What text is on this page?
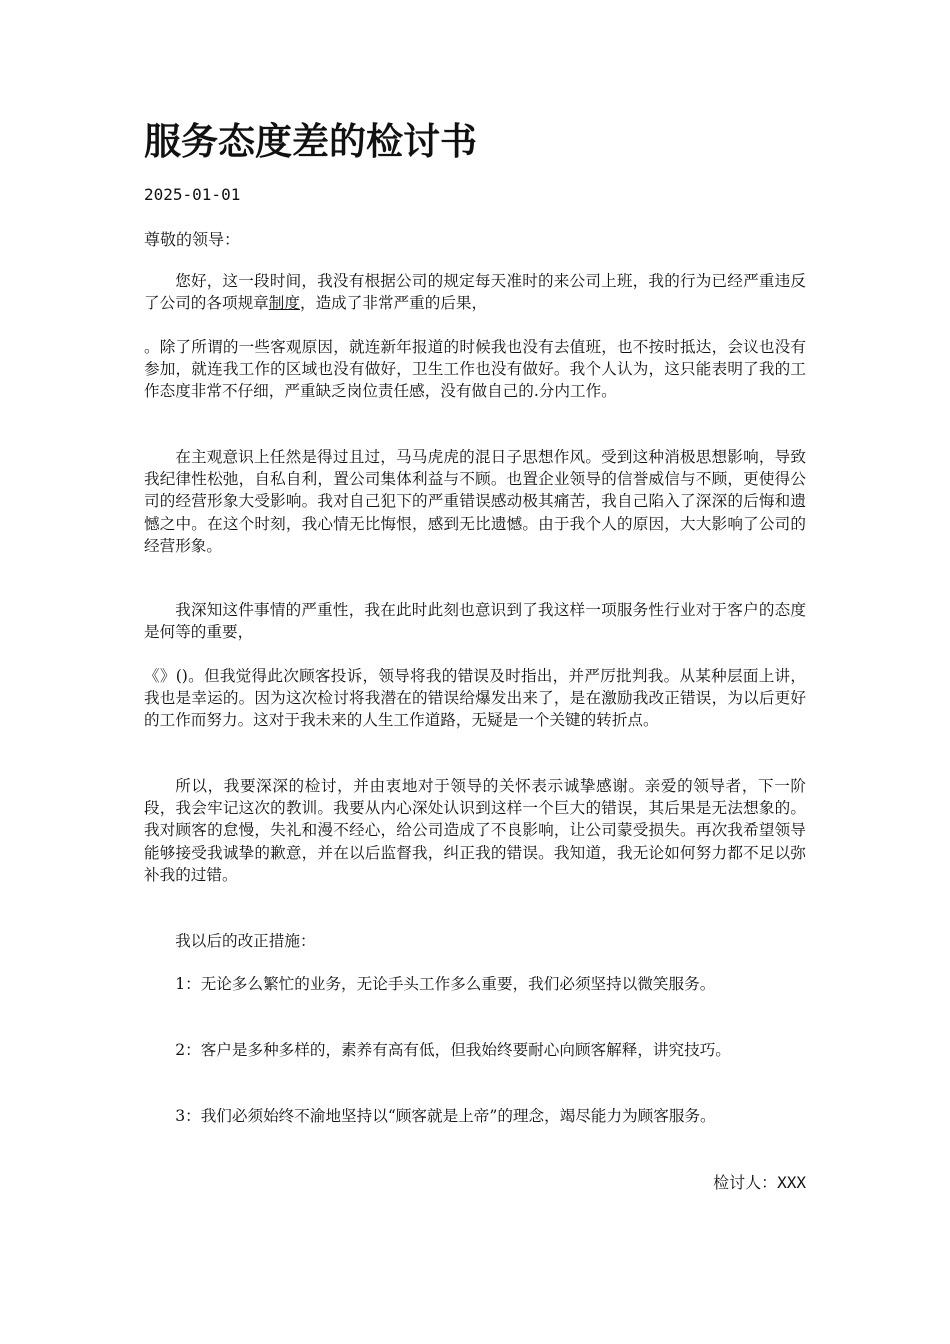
服务态度差的检讨书

2025-01-01

尊敬的领导：

您好，这一段时间，我没有根据公司的规定每天准时的来公司上班，我的行为已经严重违反了公司的各项规章制度，造成了非常严重的后果，

。除了所谓的一些客观原因，就连新年报道的时候我也没有去值班，也不按时抵达，会议也没有参加，就连我工作的区域也没有做好，卫生工作也没有做好。我个人认为，这只能表明了我的工作态度非常不仔细，严重缺乏岗位责任感，没有做自己的.分内工作。

在主观意识上任然是得过且过，马马虎虎的混日子思想作风。受到这种消极思想影响，导致我纪律性松弛，自私自利，置公司集体利益与不顾。也置企业领导的信誉威信与不顾，更使得公司的经营形象大受影响。我对自己犯下的严重错误感动极其痛苦，我自己陷入了深深的后悔和遗憾之中。在这个时刻，我心情无比悔恨，感到无比遗憾。由于我个人的原因，大大影响了公司的经营形象。

我深知这件事情的严重性，我在此时此刻也意识到了我这样一项服务性行业对于客户的态度是何等的重要，

《》()。但我觉得此次顾客投诉，领导将我的错误及时指出，并严厉批判我。从某种层面上讲，我也是幸运的。因为这次检讨将我潜在的错误给爆发出来了，是在激励我改正错误，为以后更好的工作而努力。这对于我未来的人生工作道路，无疑是一个关键的转折点。

所以，我要深深的检讨，并由衷地对于领导的关怀表示诚挚感谢。亲爱的领导者，下一阶段，我会牢记这次的教训。我要从内心深处认识到这样一个巨大的错误，其后果是无法想象的。我对顾客的怠慢，失礼和漫不经心，给公司造成了不良影响，让公司蒙受损失。再次我希望领导能够接受我诚挚的歉意，并在以后监督我，纠正我的错误。我知道，我无论如何努力都不足以弥补我的过错。

我以后的改正措施：

1：无论多么繁忙的业务，无论手头工作多么重要，我们必须坚持以微笑服务。

2：客户是多种多样的，素养有高有低，但我始终要耐心向顾客解释，讲究技巧。

3：我们必须始终不渝地坚持以“顾客就是上帝”的理念，竭尽能力为顾客服务。

检讨人：XXX
